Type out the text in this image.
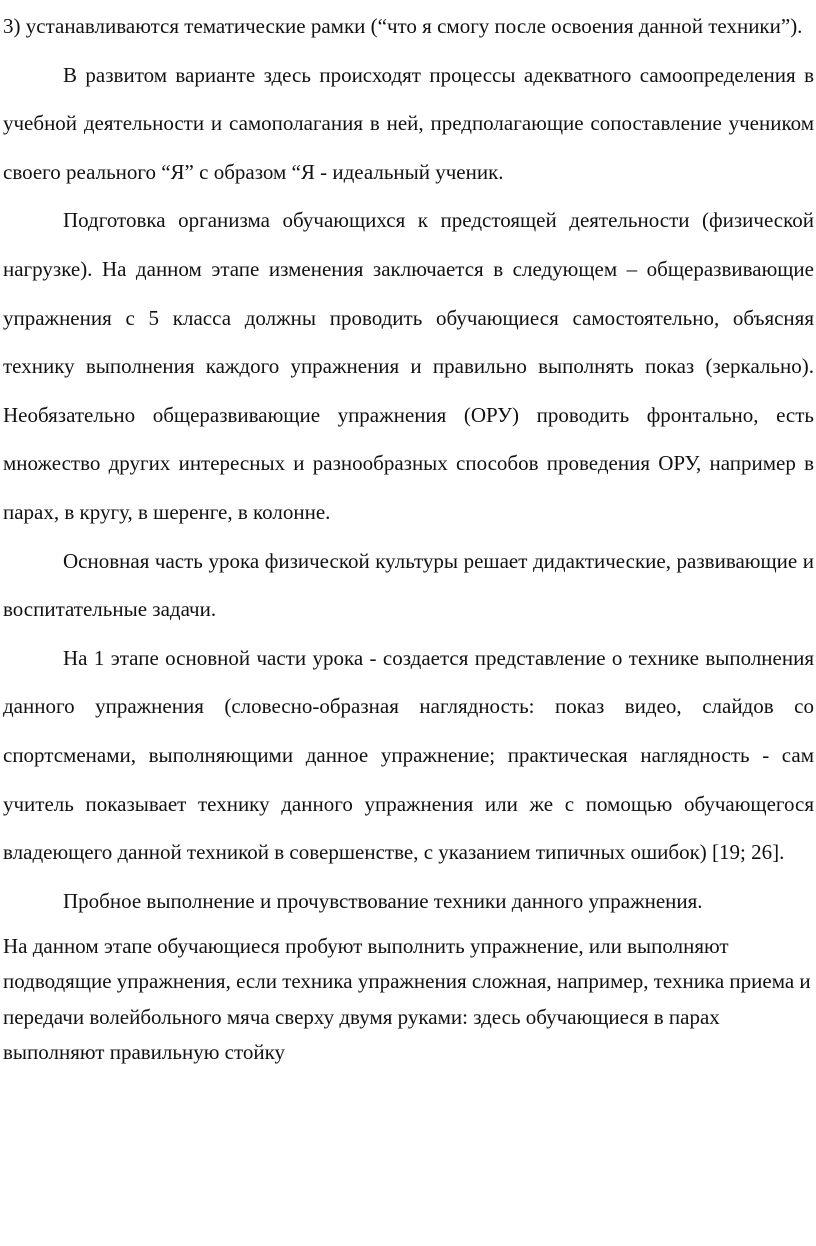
3) устанавливаются тематические рамки (“что я смогу после освоения данной техники”).

В развитом варианте здесь происходят процессы адекватного самоопределения в учебной деятельности и самополагания в ней, предполагающие сопоставление учеником своего реального “Я” с образом “Я - идеальный ученик.

Подготовка организма обучающихся к предстоящей деятельности (физической нагрузке). На данном этапе изменения заключается в следующем – общеразвивающие упражнения с 5 класса должны проводить обучающиеся самостоятельно, объясняя технику выполнения каждого упражнения и правильно выполнять показ (зеркально). Необязательно общеразвивающие упражнения (ОРУ) проводить фронтально, есть множество других интересных и разнообразных способов проведения ОРУ, например в парах, в кругу, в шеренге, в колонне.

Основная часть урока физической культуры решает дидактические, развивающие и воспитательные задачи.

На 1 этапе основной части урока - создается представление о технике выполнения данного упражнения (словесно-образная наглядность: показ видео, слайдов со спортсменами, выполняющими данное упражнение; практическая наглядность - сам учитель показывает технику данного упражнения или же с помощью обучающегося владеющего данной техникой в совершенстве, с указанием типичных ошибок) [19; 26].

Пробное выполнение и прочувствование техники данного упражнения.

На данном этапе обучающиеся пробуют выполнить упражнение, или выполняют подводящие упражнения, если техника упражнения сложная, например, техника приема и передачи волейбольного мяча сверху двумя руками: здесь обучающиеся в парах выполняют правильную стойку
